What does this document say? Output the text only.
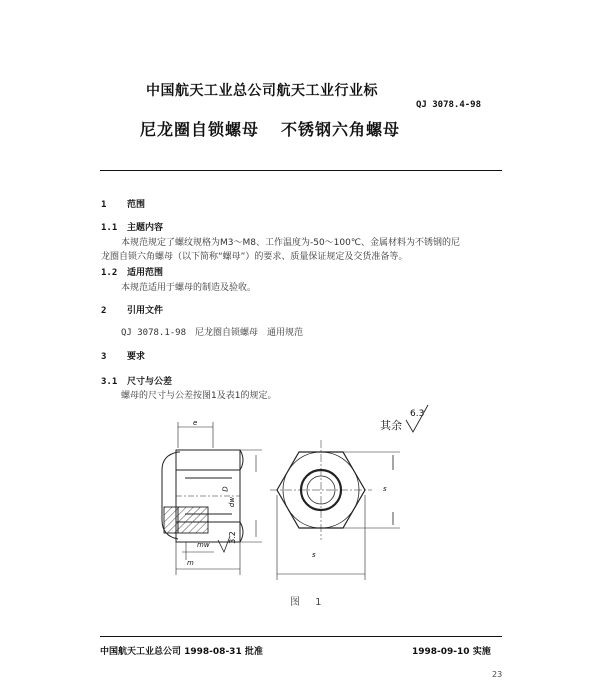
中国航天工业总公司航天工业行业标
QJ 3078.4-98
尼龙圈自锁螺母 不锈钢六角螺母
1 范围
1.1 主题内容
本规范规定了螺纹规格为M3～M8、工作温度为-50～100℃、金属材料为不锈钢的尼
龙圈自锁六角螺母（以下简称“螺母”）的要求、质量保证规定及交货准备等。
1.2 适用范围
本规范适用于螺母的制造及验收。
2 引用文件
QJ 3078.1-98　尼龙圈自锁螺母　通用规范
3 要求
3.1 尺寸与公差
螺母的尺寸与公差按图1及表1的规定。
其余
6.3
e
D
dw
mw
3.2
m
s
s
图 1
中国航天工业总公司 1998-08-31 批准	1998-09-10 实施
23
